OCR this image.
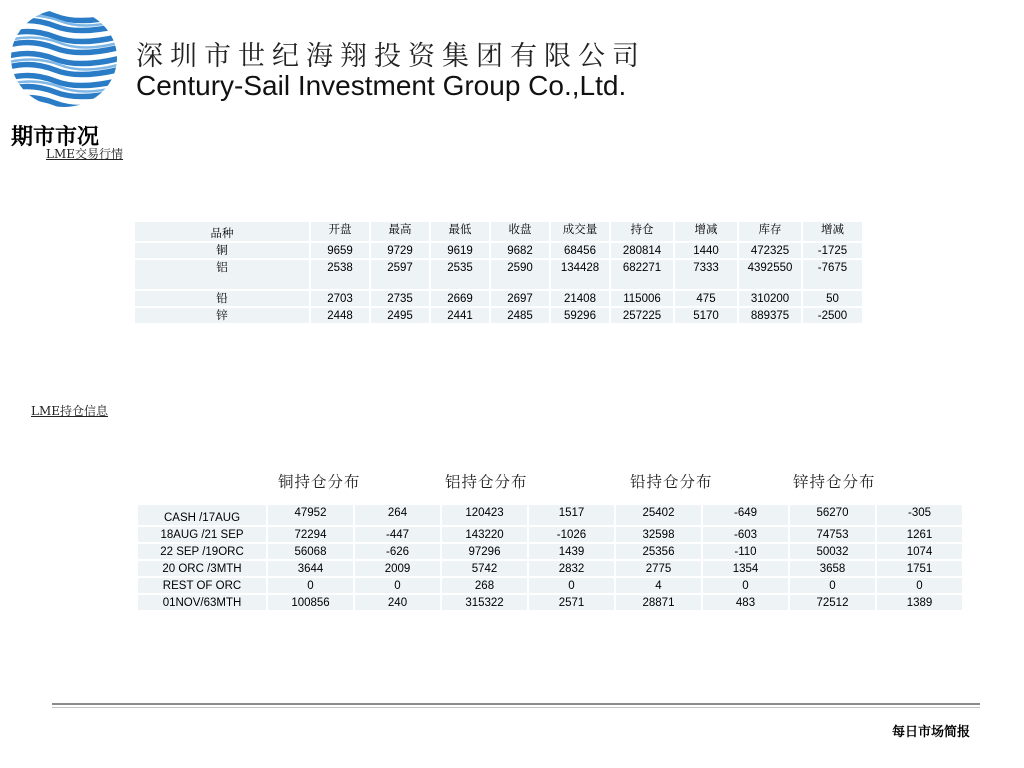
深圳市世纪海翔投资集团有限公司
Century-Sail Investment Group Co.,Ltd.
期市市况
LME交易行情
品种	开盘	最高	最低	收盘	成交量	持仓	增减	库存	增减
铜	9659	9729	9619	9682	68456	280814	1440	472325	-1725
铝	2538	2597	2535	2590	134428	682271	7333	4392550	-7675
铅	2703	2735	2669	2697	21408	115006	475	310200	50
锌	2448	2495	2441	2485	59296	257225	5170	889375	-2500
LME持仓信息
铜持仓分布	铝持仓分布	铅持仓分布	锌持仓分布
CASH /17AUG	47952	264	120423	1517	25402	-649	56270	-305
18AUG /21 SEP	72294	-447	143220	-1026	32598	-603	74753	1261
22 SEP /19ORC	56068	-626	97296	1439	25356	-110	50032	1074
20 ORC /3MTH	3644	2009	5742	2832	2775	1354	3658	1751
REST OF ORC	0	0	268	0	4	0	0	0
01NOV/63MTH	100856	240	315322	2571	28871	483	72512	1389
每日市场简报
